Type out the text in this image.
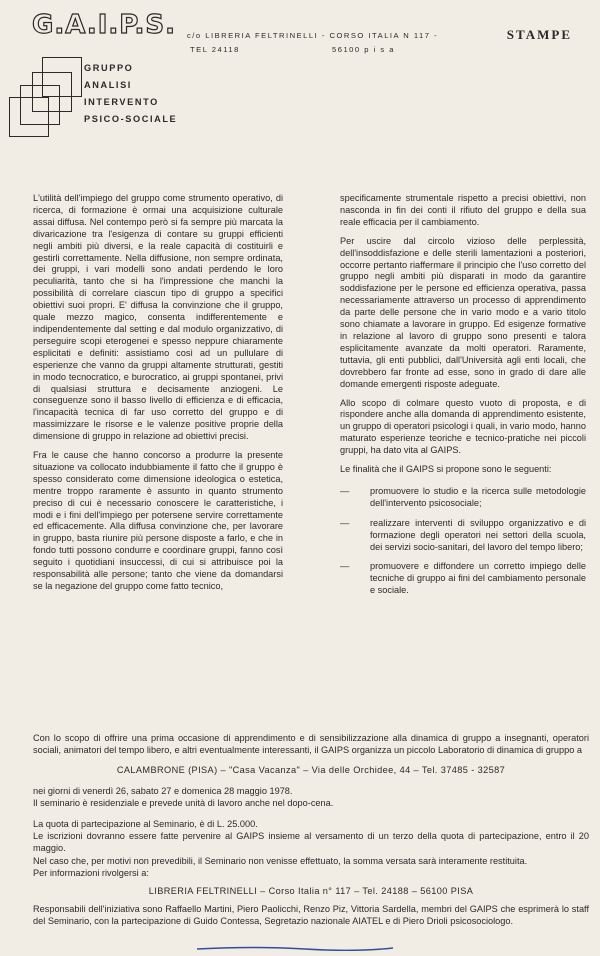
G.A.I.P.S. c/o LIBRERIA FELTRINELLI - CORSO ITALIA N 117 -
TEL 24118	56100 p i s a
STAMPE
GRUPPO
ANALISI
INTERVENTO
PSICO-SOCIALE

L'utilità dell'impiego del gruppo come strumento operativo, di ricerca, di formazione è ormai una acquisizione culturale assai diffusa. Nel contempo però si fa sempre più marcata la divaricazione tra l'esigenza di contare su gruppi efficienti negli ambiti più diversi, e la reale capacità di costituirli e gestirli correttamente. Nella diffusione, non sempre ordinata, dei gruppi, i vari modelli sono andati perdendo le loro peculiarità, tanto che si ha l'impressione che manchi la possibilità di correlare ciascun tipo di gruppo a specifici obiettivi suoi propri. E' diffusa la convinzione che il gruppo, quale mezzo magico, consenta indifferentemente e indipendentemente dal setting e dal modulo organizzativo, di perseguire scopi eterogenei e spesso neppure chiaramente esplicitati e definiti: assistiamo così ad un pullulare di esperienze che vanno da gruppi altamente strutturati, gestiti in modo tecnocratico, e burocratico, ai gruppi spontanei, privi di qualsiasi struttura e decisamente anziogeni. Le conseguenze sono il basso livello di efficienza e di efficacia, l'incapacità tecnica di far uso corretto del gruppo e di massimizzare le risorse e le valenze positive proprie della dimensione di gruppo in relazione ad obiettivi precisi.

Fra le cause che hanno concorso a produrre la presente situazione va collocato indubbiamente il fatto che il gruppo è spesso considerato come dimensione ideologica o estetica, mentre troppo raramente è assunto in quanto strumento preciso di cui è necessario conoscere le caratteristiche, i modi e i fini dell'impiego per potersene servire correttamente ed efficacemente. Alla diffusa convinzione che, per lavorare in gruppo, basta riunire più persone disposte a farlo, e che in fondo tutti possono condurre e coordinare gruppi, fanno così seguito i quotidiani insuccessi, di cui si attribuisce poi la responsabilità alle persone; tanto che viene da domandarsi se la negazione del gruppo come fatto tecnico,

specificamente strumentale rispetto a precisi obiettivi, non nasconda in fin dei conti il rifiuto del gruppo e della sua reale efficacia per il cambiamento.

Per uscire dal circolo vizioso delle perplessità, dell'insoddisfazione e delle sterili lamentazioni a posteriori, occorre pertanto riaffermare il principio che l'uso corretto del gruppo negli ambiti più disparati in modo da garantire soddisfazione per le persone ed efficienza operativa, passa necessariamente attraverso un processo di apprendimento da parte delle persone che in vario modo e a vario titolo sono chiamate a lavorare in gruppo. Ed esigenze formative in relazione al lavoro di gruppo sono presenti e talora esplicitamente avanzate da molti operatori. Raramente, tuttavia, gli enti pubblici, dall'Università agli enti locali, che dovrebbero far fronte ad esse, sono in grado di dare alle domande emergenti risposte adeguate.

Allo scopo di colmare questo vuoto di proposta, e di rispondere anche alla domanda di apprendimento esistente, un gruppo di operatori psicologi i quali, in vario modo, hanno maturato esperienze teoriche e tecnico-pratiche nei piccoli gruppi, ha dato vita al GAIPS.

Le finalità che il GAIPS si propone sono le seguenti:

—	promuovere lo studio e la ricerca sulle metodologie dell'intervento psicosociale;
—	realizzare interventi di sviluppo organizzativo e di formazione degli operatori nei settori della scuola, dei servizi socio-sanitari, del lavoro del tempo libero;
—	promuovere e diffondere un corretto impiego delle tecniche di gruppo ai fini del cambiamento personale e sociale.

Con lo scopo di offrire una prima occasione di apprendimento e di sensibilizzazione alla dinamica di gruppo a insegnanti, operatori sociali, animatori del tempo libero, e altri eventualmente interessanti, il GAIPS organizza un piccolo Laboratorio di dinamica di gruppo a

CALAMBRONE (PISA) – "Casa Vacanza" – Via delle Orchidee, 44 – Tel. 37485 - 32587

nei giorni di venerdì 26, sabato 27 e domenica 28 maggio 1978.

Il seminario è residenziale e prevede unità di lavoro anche nel dopo-cena.

La quota di partecipazione al Seminario, è di L. 25.000.

Le iscrizioni dovranno essere fatte pervenire al GAIPS insieme al versamento di un terzo della quota di partecipazione, entro il 20 maggio.

Nel caso che, per motivi non prevedibili, il Seminario non venisse effettuato, la somma versata sarà interamente restituita.

Per informazioni rivolgersi a:

LIBRERIA FELTRINELLI – Corso Italia n° 117 – Tel. 24188 – 56100 PISA

Responsabili dell'iniziativa sono Raffaello Martini, Piero Paolicchi, Renzo Piz, Vittoria Sardella, membri del GAIPS che esprimerà lo staff del Seminario, con la partecipazione di Guido Contessa, Segretazio nazionale AIATEL e di Piero Drioli psicosociologo.
